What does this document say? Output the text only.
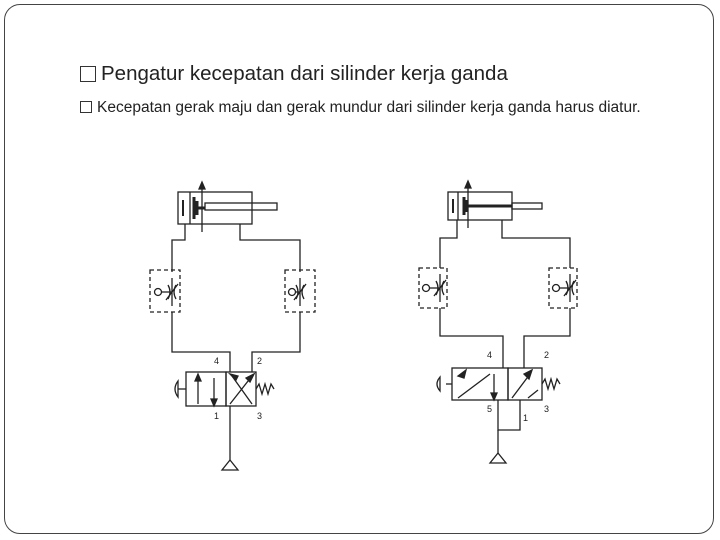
Pengatur kecepatan dari silinder kerja ganda
Kecepatan gerak maju dan gerak mundur dari silinder kerja ganda harus diatur.
4	2
1	3
4	2
5
1
3
